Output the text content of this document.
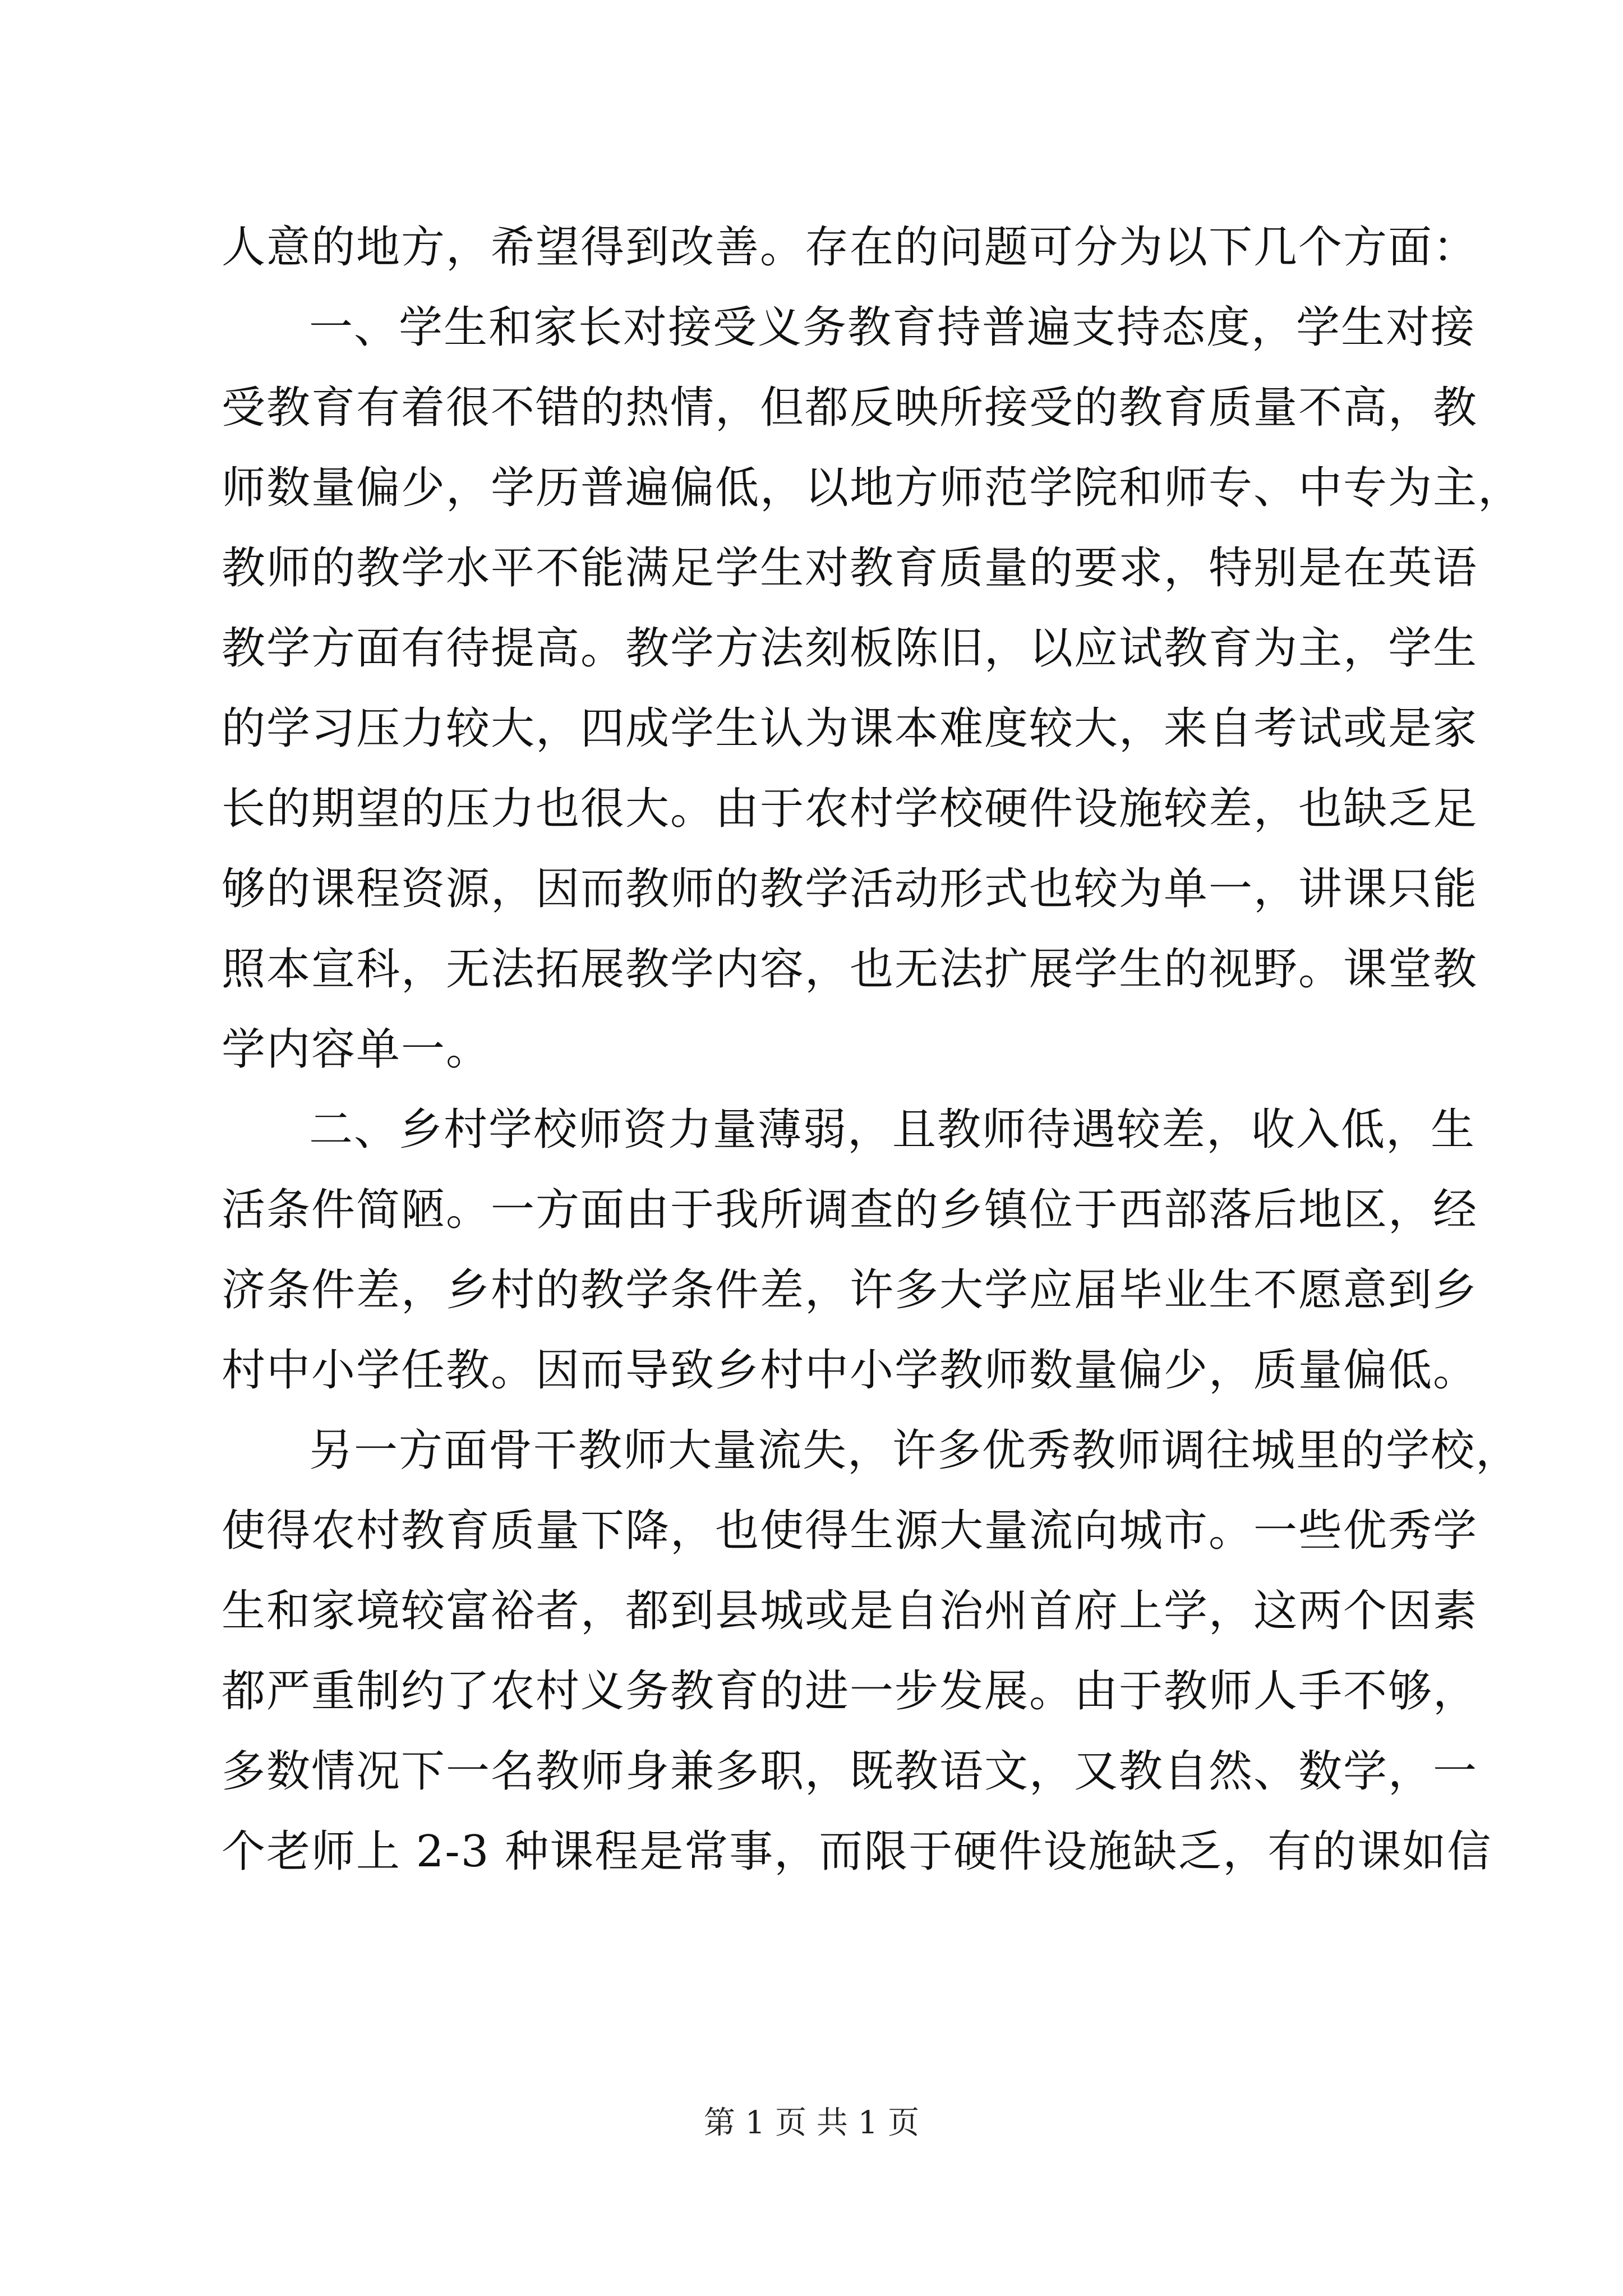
人意的地方，希望得到改善。存在的问题可分为以下几个方面：
一、学生和家长对接受义务教育持普遍支持态度，学生对接
受教育有着很不错的热情，但都反映所接受的教育质量不高，教
师数量偏少，学历普遍偏低，以地方师范学院和师专、中专为主，
教师的教学水平不能满足学生对教育质量的要求，特别是在英语
教学方面有待提高。教学方法刻板陈旧，以应试教育为主，学生
的学习压力较大，四成学生认为课本难度较大，来自考试或是家
长的期望的压力也很大。由于农村学校硬件设施较差，也缺乏足
够的课程资源，因而教师的教学活动形式也较为单一，讲课只能
照本宣科，无法拓展教学内容，也无法扩展学生的视野。课堂教
学内容单一。
二、乡村学校师资力量薄弱，且教师待遇较差，收入低，生
活条件简陋。一方面由于我所调查的乡镇位于西部落后地区，经
济条件差，乡村的教学条件差，许多大学应届毕业生不愿意到乡
村中小学任教。因而导致乡村中小学教师数量偏少，质量偏低。
另一方面骨干教师大量流失，许多优秀教师调往城里的学校，
使得农村教育质量下降，也使得生源大量流向城市。一些优秀学
生和家境较富裕者，都到县城或是自治州首府上学，这两个因素
都严重制约了农村义务教育的进一步发展。由于教师人手不够，
多数情况下一名教师身兼多职，既教语文，又教自然、数学，一
个老师上 2-3 种课程是常事，而限于硬件设施缺乏，有的课如信
第 1 页 共 1 页
